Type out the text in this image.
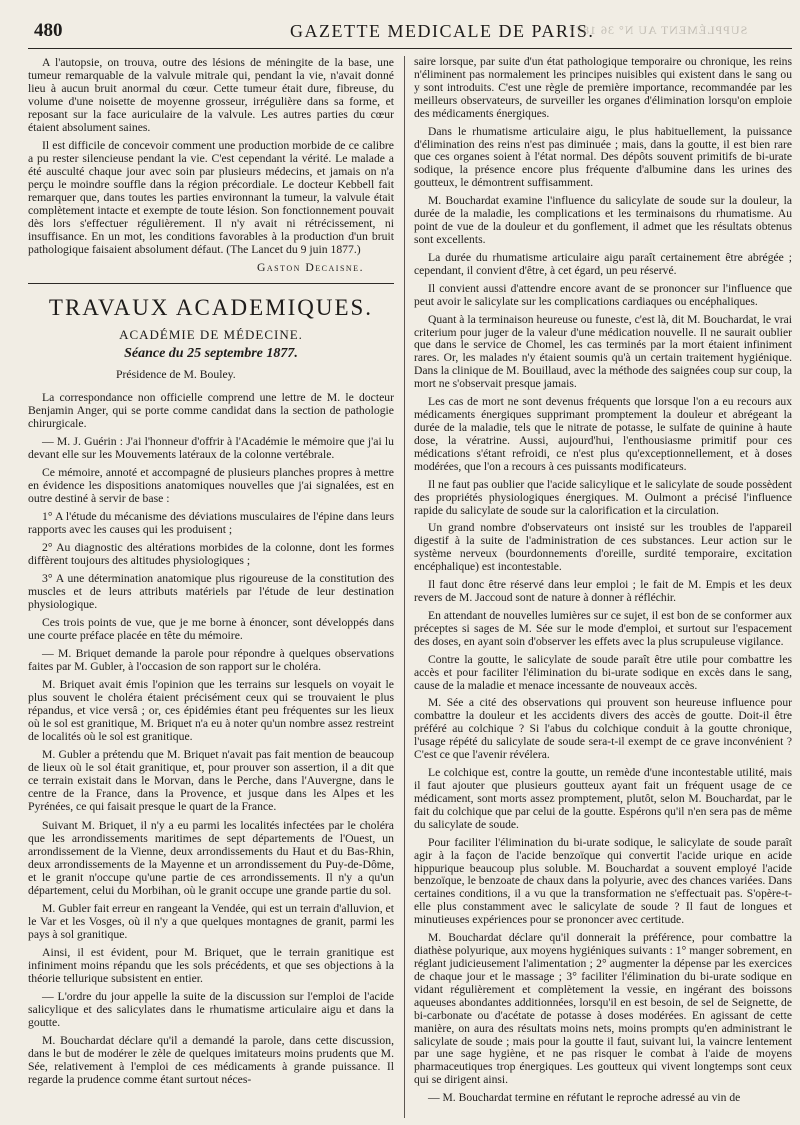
480	GAZETTE MEDICALE DE PARIS.
SUPPLÉMENT AU N° 36 1877

A l'autopsie, on trouva, outre des lésions de méningite de la base, une tumeur remarquable de la valvule mitrale qui, pendant la vie, n'avait donné lieu à aucun bruit anormal du cœur. Cette tumeur était dure, fibreuse, du volume d'une noisette de moyenne grosseur, irrégulière dans sa forme, et reposant sur la face auriculaire de la valvule. Les autres parties du cœur étaient absolument saines.

Il est difficile de concevoir comment une production morbide de ce calibre a pu rester silencieuse pendant la vie. C'est cependant la vérité. Le malade a été ausculté chaque jour avec soin par plusieurs médecins, et jamais on n'a perçu le moindre souffle dans la région précordiale. Le docteur Kebbell fait remarquer que, dans toutes les parties environnant la tumeur, la valvule était complètement intacte et exempte de toute lésion. Son fonctionnement pouvait dès lors s'effectuer régulièrement. Il n'y avait ni rétrécissement, ni insuffisance. En un mot, les conditions favorables à la production d'un bruit pathologique faisaient absolument défaut. (The Lancet du 9 juin 1877.)

Gaston Decaisne.

TRAVAUX ACADEMIQUES.
ACADÉMIE DE MÉDECINE.
Séance du 25 septembre 1877.
Présidence de M. Bouley.

La correspondance non officielle comprend une lettre de M. le docteur Benjamin Anger, qui se porte comme candidat dans la section de pathologie chirurgicale.

— M. J. Guérin : J'ai l'honneur d'offrir à l'Académie le mémoire que j'ai lu devant elle sur les Mouvements latéraux de la colonne vertébrale.

Ce mémoire, annoté et accompagné de plusieurs planches propres à mettre en évidence les dispositions anatomiques nouvelles que j'ai signalées, est en outre destiné à servir de base :

1° A l'étude du mécanisme des déviations musculaires de l'épine dans leurs rapports avec les causes qui les produisent ;

2° Au diagnostic des altérations morbides de la colonne, dont les formes diffèrent toujours des altitudes physiologiques ;

3° A une détermination anatomique plus rigoureuse de la constitution des muscles et de leurs attributs matériels par l'étude de leur destination physiologique.

Ces trois points de vue, que je me borne à énoncer, sont développés dans une courte préface placée en tête du mémoire.

— M. Briquet demande la parole pour répondre à quelques observations faites par M. Gubler, à l'occasion de son rapport sur le choléra.

M. Briquet avait émis l'opinion que les terrains sur lesquels on voyait le plus souvent le choléra étaient précisément ceux qui se trouvaient le plus répandus, et vice versâ ; or, ces épidémies étant peu fréquentes sur les lieux où le sol est granitique, M. Briquet n'a eu à noter qu'un nombre assez restreint de localités où le sol est granitique.

M. Gubler a prétendu que M. Briquet n'avait pas fait mention de beaucoup de lieux où le sol était granitique, et, pour prouver son assertion, il a dit que ce terrain existait dans le Morvan, dans le Perche, dans l'Auvergne, dans le centre de la France, dans la Provence, et jusque dans les Alpes et les Pyrénées, ce qui faisait presque le quart de la France.

Suivant M. Briquet, il n'y a eu parmi les localités infectées par le choléra que les arrondissements maritimes de sept départements de l'Ouest, un arrondissement de la Vienne, deux arrondissements du Haut et du Bas-Rhin, deux arrondissements de la Mayenne et un arrondissement du Puy-de-Dôme, et le granit n'occupe qu'une partie de ces arrondissements. Il n'y a qu'un département, celui du Morbihan, où le granit occupe une grande partie du sol.

M. Gubler fait erreur en rangeant la Vendée, qui est un terrain d'alluvion, et le Var et les Vosges, où il n'y a que quelques montagnes de granit, parmi les pays à sol granitique.

Ainsi, il est évident, pour M. Briquet, que le terrain granitique est infiniment moins répandu que les sols précédents, et que ses objections à la théorie tellurique subsistent en entier.

— L'ordre du jour appelle la suite de la discussion sur l'emploi de l'acide salicylique et des salicylates dans le rhumatisme articulaire aigu et dans la goutte.

M. Bouchardat déclare qu'il a demandé la parole, dans cette discussion, dans le but de modérer le zèle de quelques imitateurs moins prudents que M. Sée, relativement à l'emploi de ces médicaments à grande puissance. Il regarde la prudence comme étant surtout néces-

saire lorsque, par suite d'un état pathologique temporaire ou chronique, les reins n'éliminent pas normalement les principes nuisibles qui existent dans le sang ou y sont introduits. C'est une règle de première importance, recommandée par les meilleurs observateurs, de surveiller les organes d'élimination lorsqu'on emploie des médicaments énergiques.

Dans le rhumatisme articulaire aigu, le plus habituellement, la puissance d'élimination des reins n'est pas diminuée ; mais, dans la goutte, il est bien rare que ces organes soient à l'état normal. Des dépôts souvent primitifs de bi-urate sodique, la présence encore plus fréquente d'albumine dans les urines des goutteux, le démontrent suffisamment.

M. Bouchardat examine l'influence du salicylate de soude sur la douleur, la durée de la maladie, les complications et les terminaisons du rhumatisme. Au point de vue de la douleur et du gonflement, il admet que les résultats obtenus sont excellents.

La durée du rhumatisme articulaire aigu paraît certainement être abrégée ; cependant, il convient d'être, à cet égard, un peu réservé.

Il convient aussi d'attendre encore avant de se prononcer sur l'influence que peut avoir le salicylate sur les complications cardiaques ou encéphaliques.

Quant à la terminaison heureuse ou funeste, c'est là, dit M. Bouchardat, le vrai criterium pour juger de la valeur d'une médication nouvelle. Il ne saurait oublier que dans le service de Chomel, les cas terminés par la mort étaient infiniment rares. Or, les malades n'y étaient soumis qu'à un certain traitement hygiénique. Dans la clinique de M. Bouillaud, avec la méthode des saignées coup sur coup, la mort ne s'observait presque jamais.

Les cas de mort ne sont devenus fréquents que lorsque l'on a eu recours aux médicaments énergiques supprimant promptement la douleur et abrégeant la durée de la maladie, tels que le nitrate de potasse, le sulfate de quinine à haute dose, la vératrine. Aussi, aujourd'hui, l'enthousiasme primitif pour ces médications s'étant refroidi, ce n'est plus qu'exceptionnellement, et à doses modérées, que l'on a recours à ces puissants modificateurs.

Il ne faut pas oublier que l'acide salicylique et le salicylate de soude possèdent des propriétés physiologiques énergiques. M. Oulmont a précisé l'influence rapide du salicylate de soude sur la calorification et la circulation.

Un grand nombre d'observateurs ont insisté sur les troubles de l'appareil digestif à la suite de l'administration de ces substances. Leur action sur le système nerveux (bourdonnements d'oreille, surdité temporaire, excitation encéphalique) est incontestable.

Il faut donc être réservé dans leur emploi ; le fait de M. Empis et les deux revers de M. Jaccoud sont de nature à donner à réfléchir.

En attendant de nouvelles lumières sur ce sujet, il est bon de se conformer aux préceptes si sages de M. Sée sur le mode d'emploi, et surtout sur l'espacement des doses, en ayant soin d'observer les effets avec la plus scrupuleuse vigilance.

Contre la goutte, le salicylate de soude paraît être utile pour combattre les accès et pour faciliter l'élimination du bi-urate sodique en excès dans le sang, cause de la maladie et menace incessante de nouveaux accès.

M. Sée a cité des observations qui prouvent son heureuse influence pour combattre la douleur et les accidents divers des accès de goutte. Doit-il être préféré au colchique ? Si l'abus du colchique conduit à la goutte chronique, l'usage répété du salicylate de soude sera-t-il exempt de ce grave inconvénient ? C'est ce que l'avenir révélera.

Le colchique est, contre la goutte, un remède d'une incontestable utilité, mais il faut ajouter que plusieurs goutteux ayant fait un fréquent usage de ce médicament, sont morts assez promptement, plutôt, selon M. Bouchardat, par le fait du colchique que par celui de la goutte. Espérons qu'il n'en sera pas de même du salicylate de soude.

Pour faciliter l'élimination du bi-urate sodique, le salicylate de soude paraît agir à la façon de l'acide benzoïque qui convertit l'acide urique en acide hippurique beaucoup plus soluble. M. Bouchardat a souvent employé l'acide benzoïque, le benzoate de chaux dans la polyurie, avec des chances variées. Dans certaines conditions, il a vu que la transformation ne s'effectuait pas. S'opère-t-elle plus constamment avec le salicylate de soude ? Il faut de longues et minutieuses expériences pour se prononcer avec certitude.

M. Bouchardat déclare qu'il donnerait la préférence, pour combattre la diathèse polyurique, aux moyens hygiéniques suivants : 1° manger sobrement, en réglant judicieusement l'alimentation ; 2° augmenter la dépense par les exercices de chaque jour et le massage ; 3° faciliter l'élimination du bi-urate sodique en vidant régulièrement et complètement la vessie, en ingérant des boissons aqueuses abondantes additionnées, lorsqu'il en est besoin, de sel de Seignette, de bi-carbonate ou d'acétate de potasse à doses modérées. En agissant de cette manière, on aura des résultats moins nets, moins prompts qu'en administrant le salicylate de soude ; mais pour la goutte il faut, suivant lui, la vaincre lentement par une sage hygiène, et ne pas risquer le combat à l'aide de moyens pharmaceutiques trop énergiques. Les goutteux qui vivent longtemps sont ceux qui se dirigent ainsi.

— M. Bouchardat termine en réfutant le reproche adressé au vin de
